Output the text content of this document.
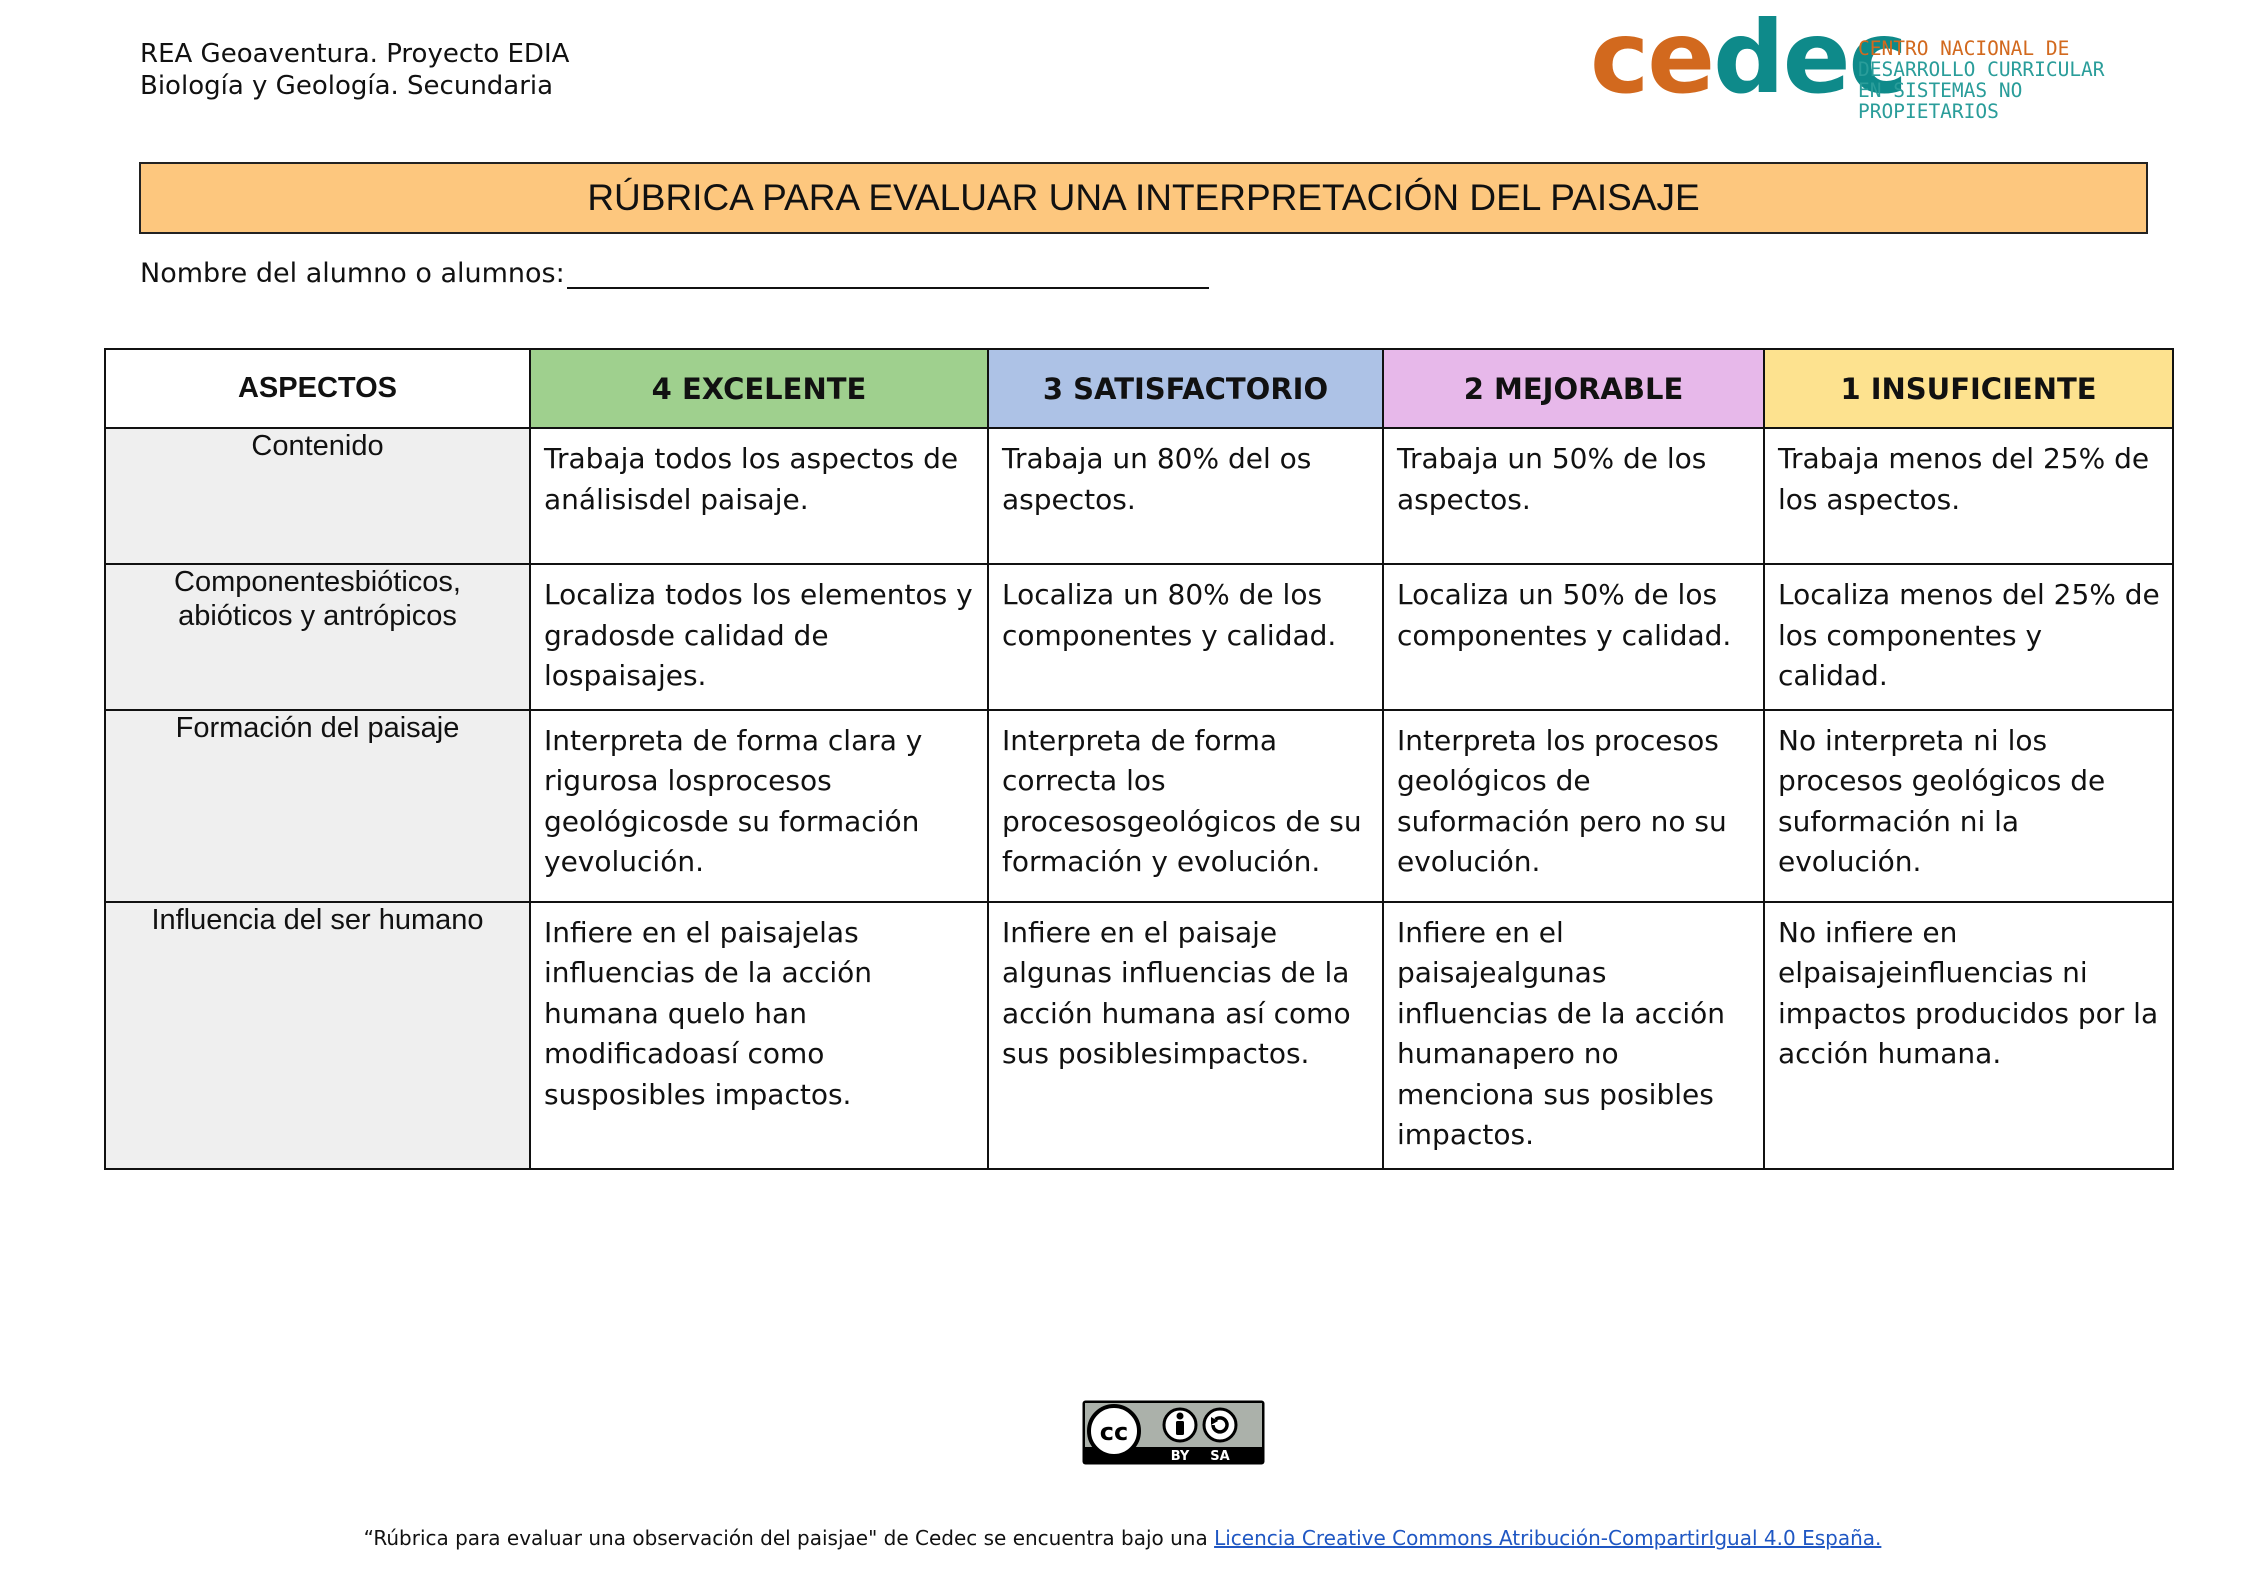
REA Geoaventura. Proyecto EDIA
Biología y Geología. Secundaria	cedec
CENTRO NACIONAL DE
DESARROLLO CURRICULAR
EN SISTEMAS NO PROPIETARIOS
RÚBRICA PARA EVALUAR UNA INTERPRETACIÓN DEL PAISAJE
Nombre del alumno o alumnos:
ASPECTOS	4 EXCELENTE	3 SATISFACTORIO	2 MEJORABLE	1 INSUFICIENTE
Contenido	Trabaja todos los aspectos de análisisdel paisaje.	Trabaja un 80% del os aspectos.	Trabaja un 50% de los aspectos.	Trabaja menos del 25% de los aspectos.
Componentesbióticos, abióticos y antrópicos	Localiza todos los elementos y gradosde calidad de lospaisajes.	Localiza un 80% de los componentes y calidad.	Localiza un 50% de los componentes y calidad.	Localiza menos del 25% de los componentes y calidad.
Formación del paisaje	Interpreta de forma clara y rigurosa losprocesos geológicosde su formación yevolución.	Interpreta de forma correcta los procesosgeológicos de su formación y evolución.	Interpreta los procesos geológicos de suformación pero no su evolución.	No interpreta ni los procesos geológicos de suformación ni la evolución.
Influencia del ser humano	Infiere en el paisajelas influencias de la acción humana quelo han modificadoasí como susposibles impactos.	Infiere en el paisaje algunas influencias de la acción humana así como sus posiblesimpactos.	Infiere en el paisajealgunas influencias de la acción humanapero no menciona sus posibles impactos.	No infiere en elpaisajeinfluencias ni impactos producidos por la acción humana.
cc
BY SA
“Rúbrica para evaluar una observación del paisjae" de Cedec se encuentra bajo una Licencia Creative Commons Atribución-CompartirIgual 4.0 España.
